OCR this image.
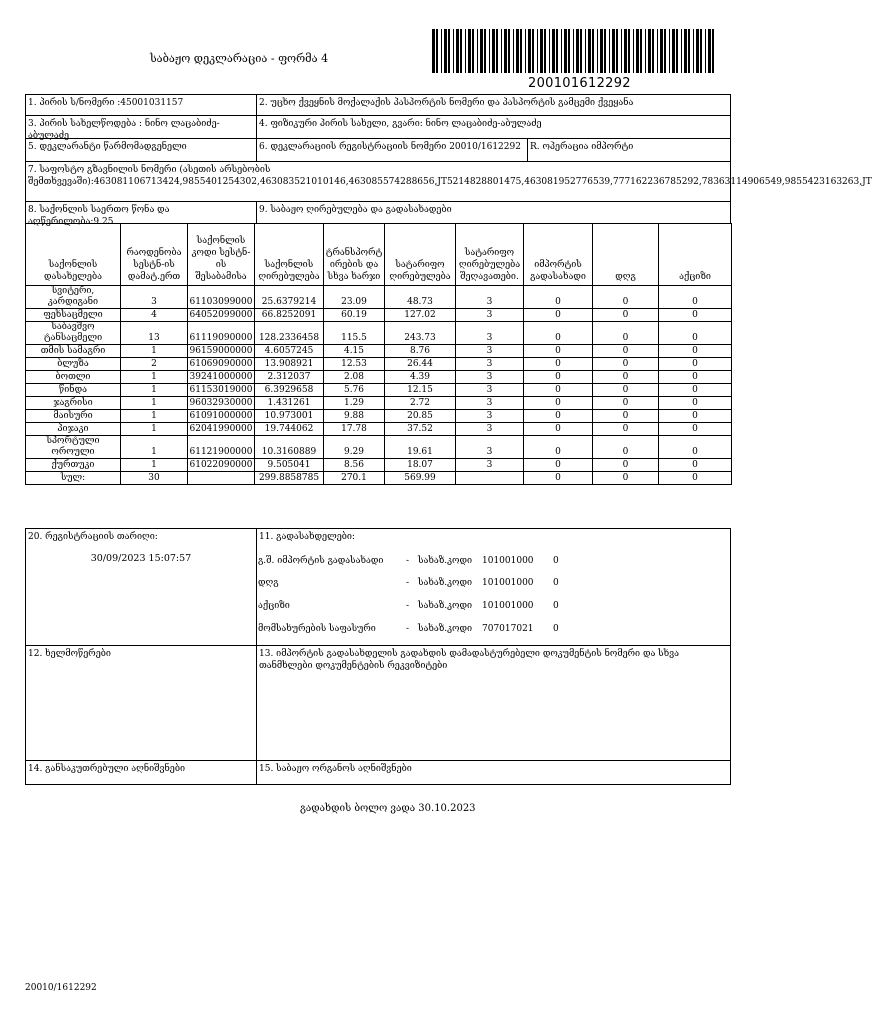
საბაჟო დეკლარაცია - ფორმა 4
200101612292
1. პირის ს/ნომერი :45001031157	2. უცხო ქვეყნის მოქალაქის პასპორტის ნომერი და პასპორტის გამცემი ქვეყანა
3. პირის სახელწოდება : ნინო ლაცაბიძე-აბულაძე
4. ფიზიკური პირის სახელი, გვარი: ნინო ლაცაბიძე-აბულაძე
5. დეკლარანტი წარმომადგენელი	6. დეკლარაციის რეგისტრაციის ნომერი 20010/1612292	R. ოპერაცია იმპორტი
7. საფოსტო გზავნილის ნომერი (ასეთის არსებობის
შემთხვევაში):463081106713424,9855401254302,463083521010146,463085574288656,JT5214828801475,463081952776539,777162236785292,78363114906549,9855423163263,JT
8. საქონლის საერთო წონა და აღწერილობა:9.25
9. საბაჟო ღირებულება და გადასახადები
საქონლის დასახელება	რაოდენობა სესტნ-ის დამატ.ერთ	საქონლის კოდი სესტნ-ის შესაბამისა	საქონლის ღირებულება	ტრანსპორტ ირების და სხვა ხარჯი	სატარიფო ღირებულება	სატარიფო ღირებულება შეღავათები.	იმპორტის გადასახადი	დღგ	აქციზი
სვიტერი, კარდიგანი	3	61103099000	25.6379214	23.09	48.73	3	0	0	0
ფეხსაცმელი	4	64052099000	66.8252091	60.19	127.02	3	0	0	0
საბავშვო ტანსაცმელი	13	61119090000	128.2336458	115.5	243.73	3	0	0	0
თმის სამაგრი	1	96159000000	4.6057245	4.15	8.76	3	0	0	0
ბლუზა	2	61069090000	13.908921	12.53	26.44	3	0	0	0
ბოთლი	1	39241000000	2.312037	2.08	4.39	3	0	0	0
წინდა	1	61153019000	6.3929658	5.76	12.15	3	0	0	0
ჯაგრისი	1	96032930000	1.431261	1.29	2.72	3	0	0	0
მაისური	1	61091000000	10.973001	9.88	20.85	3	0	0	0
პიჯაკი	1	62041990000	19.744062	17.78	37.52	3	0	0	0
სპორტული ოროული	1	61121900000	10.3160889	9.29	19.61	3	0	0	0
ქურთუკი	1	61022090000	9.505041	8.56	18.07	3	0	0	0
სულ:	30		299.8858785	270.1	569.99		0	0	0
20. რეგისტრაციის თარიღი:
30/09/2023 15:07:57
11. გადასახდელები:
გ.შ. იმპორტის გადასახადი	- სახაზ.კოდი 101001000 0
დღგ	- სახაზ.კოდი 101001000 0
აქციზი	- სახაზ.კოდი 101001000 0
მომსახურების საფასური	- სახაზ.კოდი 707017021 0
12. ხელმოწერები	13. იმპორტის გადასახდელის გადახდის დამადასტურებელი დოკუმენტის ნომერი და სხვა თანმხლები დოკუმენტების რეკვიზიტები
14. განსაკუთრებული აღნიშვნები	15. საბაჟო ორგანოს აღნიშვნები
გადახდის ბოლო ვადა 30.10.2023
20010/1612292
